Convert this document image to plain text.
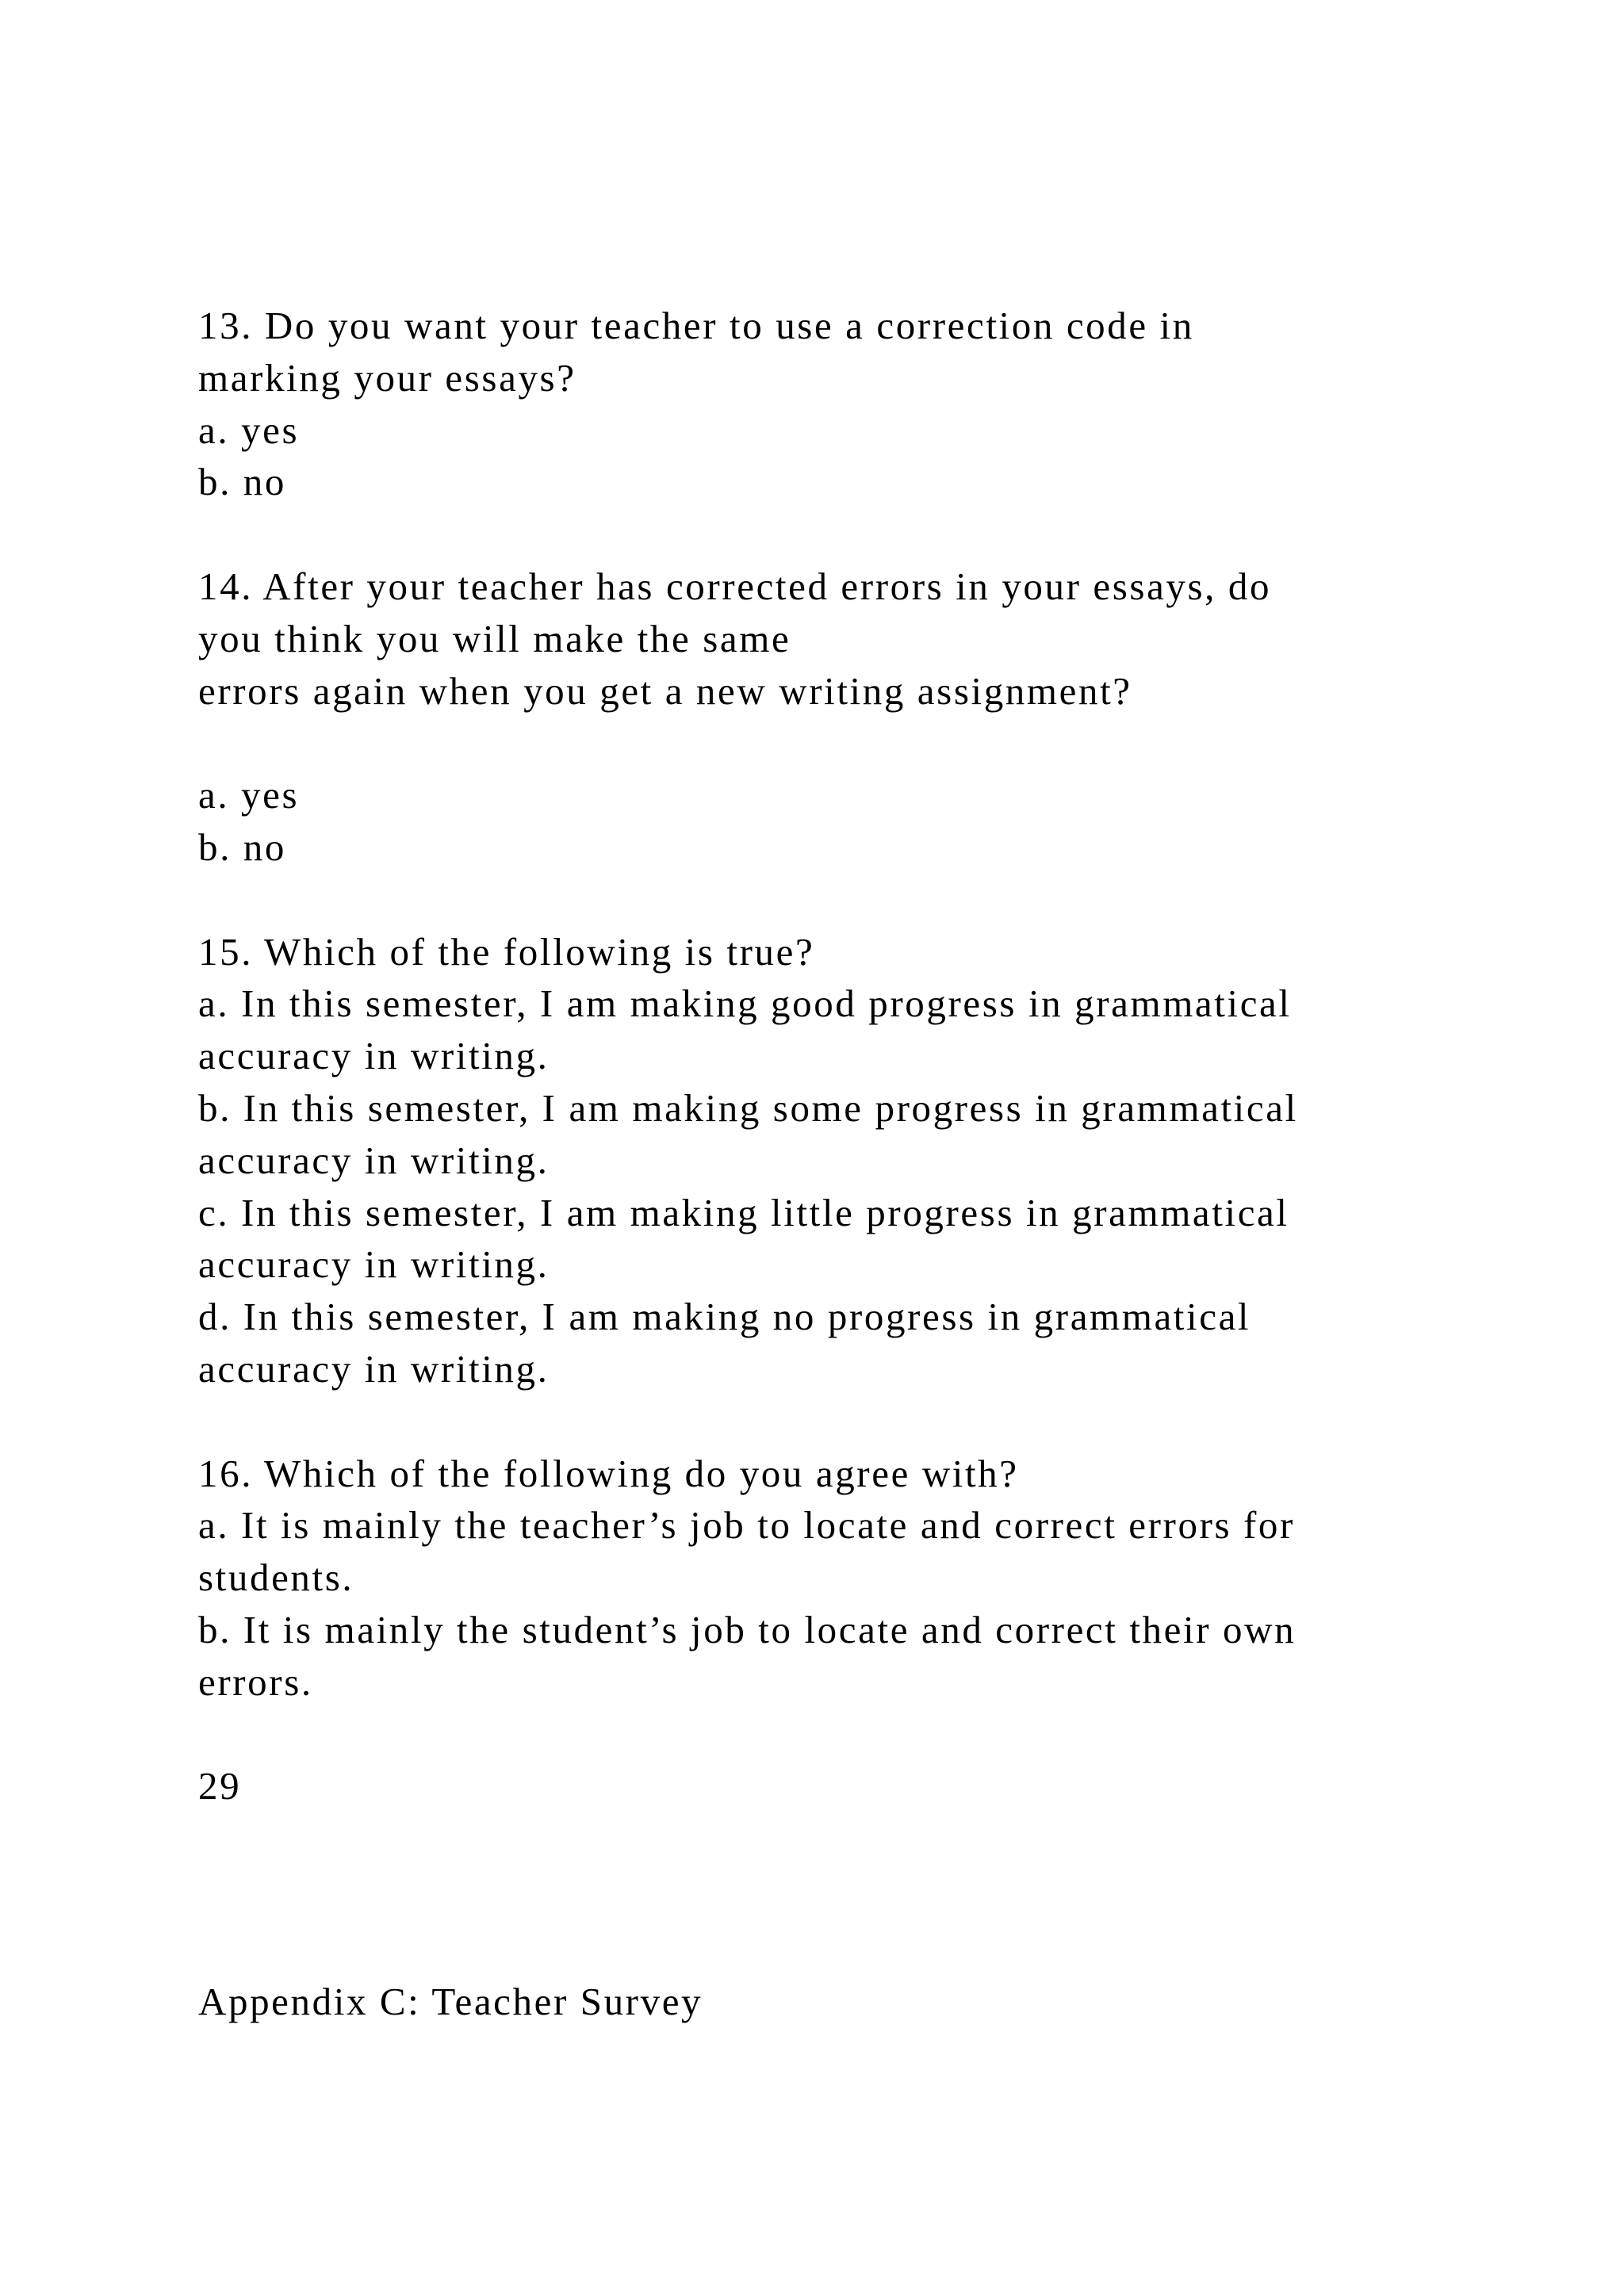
13. Do you want your teacher to use a correction code in
marking your essays?
a. yes
b. no
14. After your teacher has corrected errors in your essays, do
you think you will make the same
errors again when you get a new writing assignment?
a. yes
b. no
15. Which of the following is true?
a. In this semester, I am making good progress in grammatical
accuracy in writing.
b. In this semester, I am making some progress in grammatical
accuracy in writing.
c. In this semester, I am making little progress in grammatical
accuracy in writing.
d. In this semester, I am making no progress in grammatical
accuracy in writing.
16. Which of the following do you agree with?
a. It is mainly the teacher’s job to locate and correct errors for
students.
b. It is mainly the student’s job to locate and correct their own
errors.
29
Appendix C: Teacher Survey
